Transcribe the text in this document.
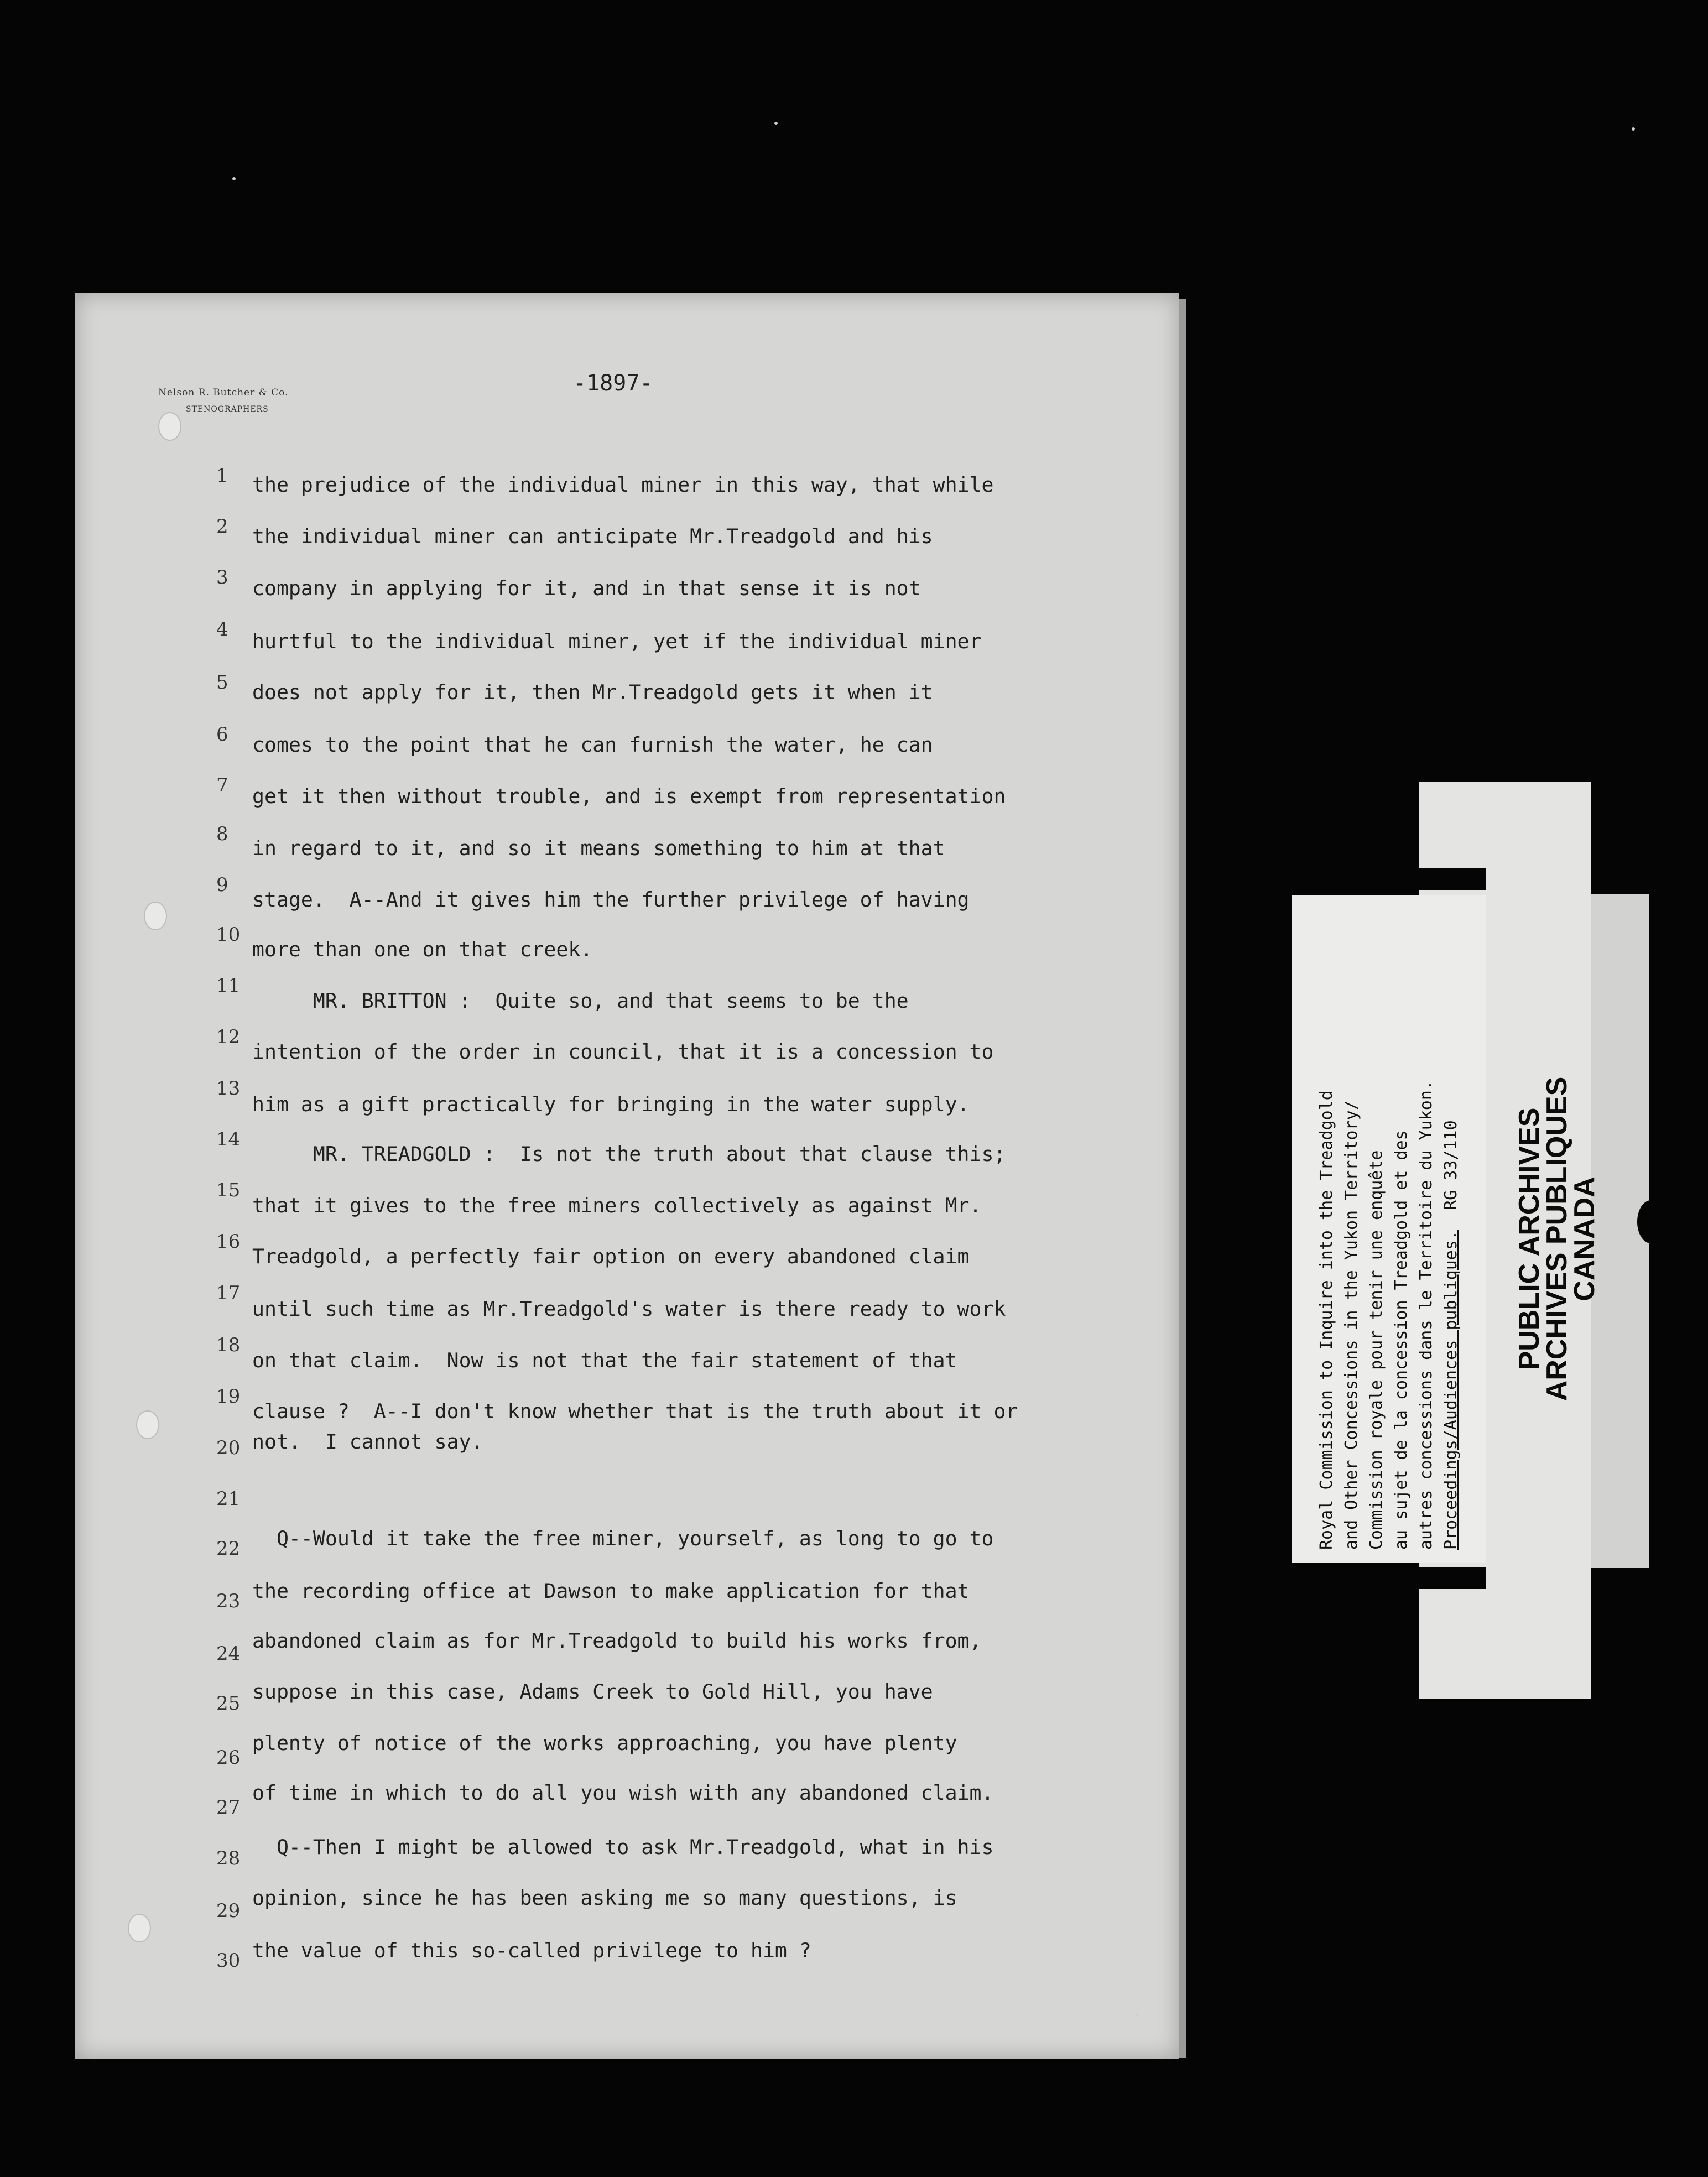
Nelson R. Butcher & Co.
STENOGRAPHERS
-1897-
1	the prejudice of the individual miner in this way, that while
2	the individual miner can anticipate Mr.Treadgold and his
3	company in applying for it, and in that sense it is not
4	hurtful to the individual miner, yet if the individual miner
5	does not apply for it, then Mr.Treadgold gets it when it
6	comes to the point that he can furnish the water, he can
7	get it then without trouble, and is exempt from representation
8
in regard to it, and so it means something to him at that
9
stage.  A--And it gives him the further privilege of having
10
more than one on that creek.
11
MR. BRITTON :  Quite so, and that seems to be the
12
intention of the order in council, that it is a concession to
13
him as a gift practically for bringing in the water supply.
14
MR. TREADGOLD :  Is not the truth about that clause this;
15
that it gives to the free miners collectively as against Mr.
16
Treadgold, a perfectly fair option on every abandoned claim
17
until such time as Mr.Treadgold's water is there ready to work
18
on that claim.  Now is not that the fair statement of that
19
clause ?  A--I don't know whether that is the truth about it or
20 not.  I cannot say.
21
Q--Would it take the free miner, yourself, as long to go to
22
the recording office at Dawson to make application for that
23
abandoned claim as for Mr.Treadgold to build his works from,
24
suppose in this case, Adams Creek to Gold Hill, you have
25
plenty of notice of the works approaching, you have plenty
26
of time in which to do all you wish with any abandoned claim.
27
Q--Then I might be allowed to ask Mr.Treadgold, what in his
28
opinion, since he has been asking me so many questions, is
29
the value of this so-called privilege to him ?
30
Royal Commission to Inquire into the Treadgold and Other Concessions in the Yukon Territory/ Commission royale pour tenir une enquête au sujet de la concession Treadgold et des autres concessions dans le Territoire du Yukon. Proceedings/Audiences publiques.  RG 33/110 PUBLIC ARCHIVES
ARCHIVES PUBLIQUES
CANADA
